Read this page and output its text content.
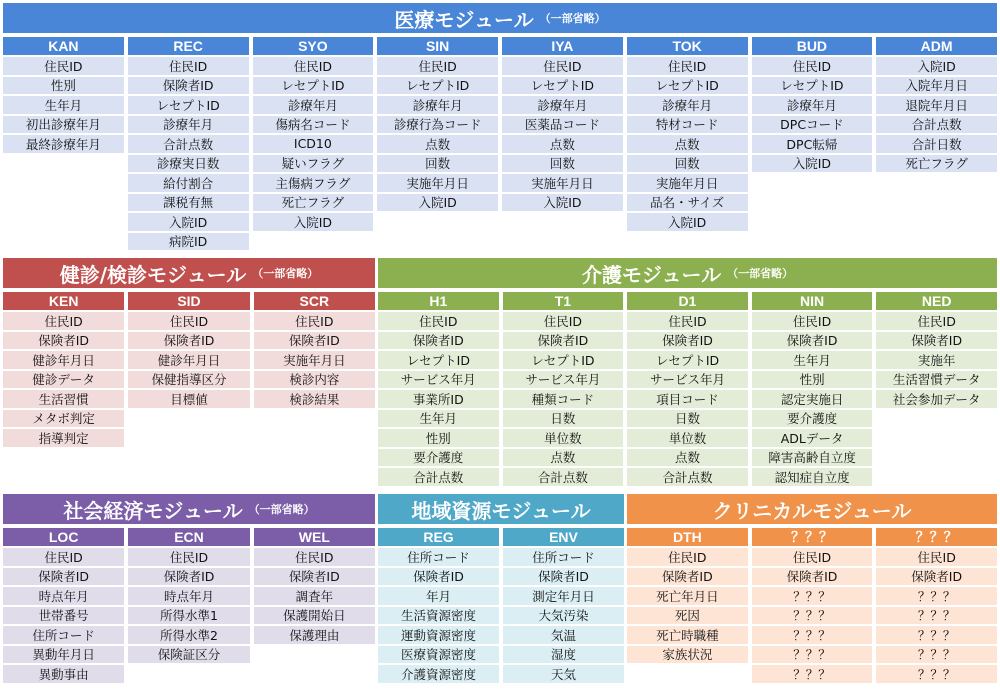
医療モジュール （一部省略）
KAN
住民ID
性別
生年月
初出診療年月
最終診療年月
REC
住民ID
保険者ID
レセプトID
診療年月
合計点数
診療実日数
給付割合
課税有無
入院ID
病院ID
SYO
住民ID
レセプトID
診療年月
傷病名コード
ICD10
疑いフラグ
主傷病フラグ
死亡フラグ
入院ID
SIN
住民ID
レセプトID
診療年月
診療行為コード
点数
回数
実施年月日
入院ID
IYA
住民ID
レセプトID
診療年月
医薬品コード
点数
回数
実施年月日
入院ID
TOK
住民ID
レセプトID
診療年月
特材コード
点数
回数
実施年月日
品名・サイズ
入院ID
BUD
住民ID
レセプトID
診療年月
DPCコード
DPC転帰
入院ID
ADM
入院ID
入院年月日
退院年月日
合計点数
合計日数
死亡フラグ
健診/検診モジュール （一部省略）
KEN
住民ID
保険者ID
健診年月日
健診データ
生活習慣
メタボ判定
指導判定
SID
住民ID
保険者ID
健診年月日
保健指導区分
目標値
SCR
住民ID
保険者ID
実施年月日
検診内容
検診結果
介護モジュール （一部省略）
H1
住民ID
保険者ID
レセプトID
サービス年月
事業所ID
生年月
性別
要介護度
合計点数
T1
住民ID
保険者ID
レセプトID
サービス年月
種類コード
日数
単位数
点数
合計点数
D1
住民ID
保険者ID
レセプトID
サービス年月
項目コード
日数
単位数
点数
合計点数
NIN
住民ID
保険者ID
生年月
性別
認定実施日
要介護度
ADLデータ
障害高齢自立度
認知症自立度
NED
住民ID
保険者ID
実施年
生活習慣データ
社会参加データ
社会経済モジュール （一部省略）
LOC
住民ID
保険者ID
時点年月
世帯番号
住所コード
異動年月日
異動事由
ECN
住民ID
保険者ID
時点年月
所得水準1
所得水準2
保険証区分
WEL
住民ID
保険者ID
調査年
保護開始日
保護理由
地域資源モジュール
REG
住所コード
保険者ID
年月
生活資源密度
運動資源密度
医療資源密度
介護資源密度
ENV
住所コード
保険者ID
測定年月日
大気汚染
気温
湿度
天気
クリニカルモジュール
DTH
住民ID
保険者ID
死亡年月日
死因
死亡時職種
家族状況
？？？
住民ID
保険者ID
？？？
？？？
？？？
？？？
？？？
？？？
住民ID
保険者ID
？？？
？？？
？？？
？？？
？？？
